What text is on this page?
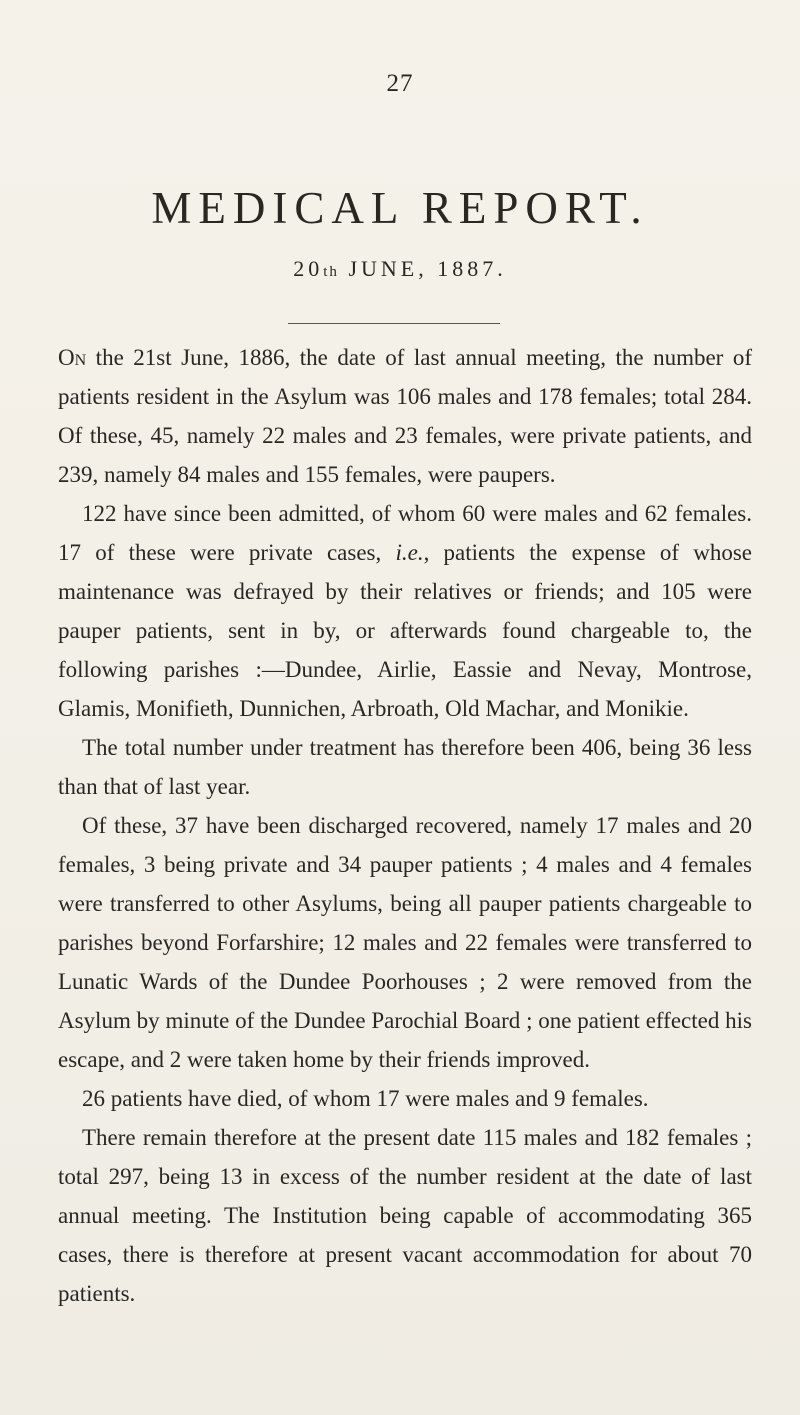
27
MEDICAL REPORT.
20th JUNE, 1887.

On the 21st June, 1886, the date of last annual meeting, the number of patients resident in the Asylum was 106 males and 178 females; total 284. Of these, 45, namely 22 males and 23 females, were private patients, and 239, namely 84 males and 155 females, were paupers.

122 have since been admitted, of whom 60 were males and 62 females. 17 of these were private cases, i.e., patients the expense of whose maintenance was defrayed by their relatives or friends; and 105 were pauper patients, sent in by, or afterwards found chargeable to, the following parishes :—Dundee, Airlie, Eassie and Nevay, Montrose, Glamis, Monifieth, Dunnichen, Arbroath, Old Machar, and Monikie.

The total number under treatment has therefore been 406, being 36 less than that of last year.

Of these, 37 have been discharged recovered, namely 17 males and 20 females, 3 being private and 34 pauper patients ; 4 males and 4 females were transferred to other Asylums, being all pauper patients chargeable to parishes beyond Forfarshire; 12 males and 22 females were transferred to Lunatic Wards of the Dundee Poorhouses ; 2 were removed from the Asylum by minute of the Dundee Parochial Board ; one patient effected his escape, and 2 were taken home by their friends improved.

26 patients have died, of whom 17 were males and 9 females.

There remain therefore at the present date 115 males and 182 females ; total 297, being 13 in excess of the number resident at the date of last annual meeting. The Institution being capable of accommodating 365 cases, there is therefore at present vacant accommodation for about 70 patients.
